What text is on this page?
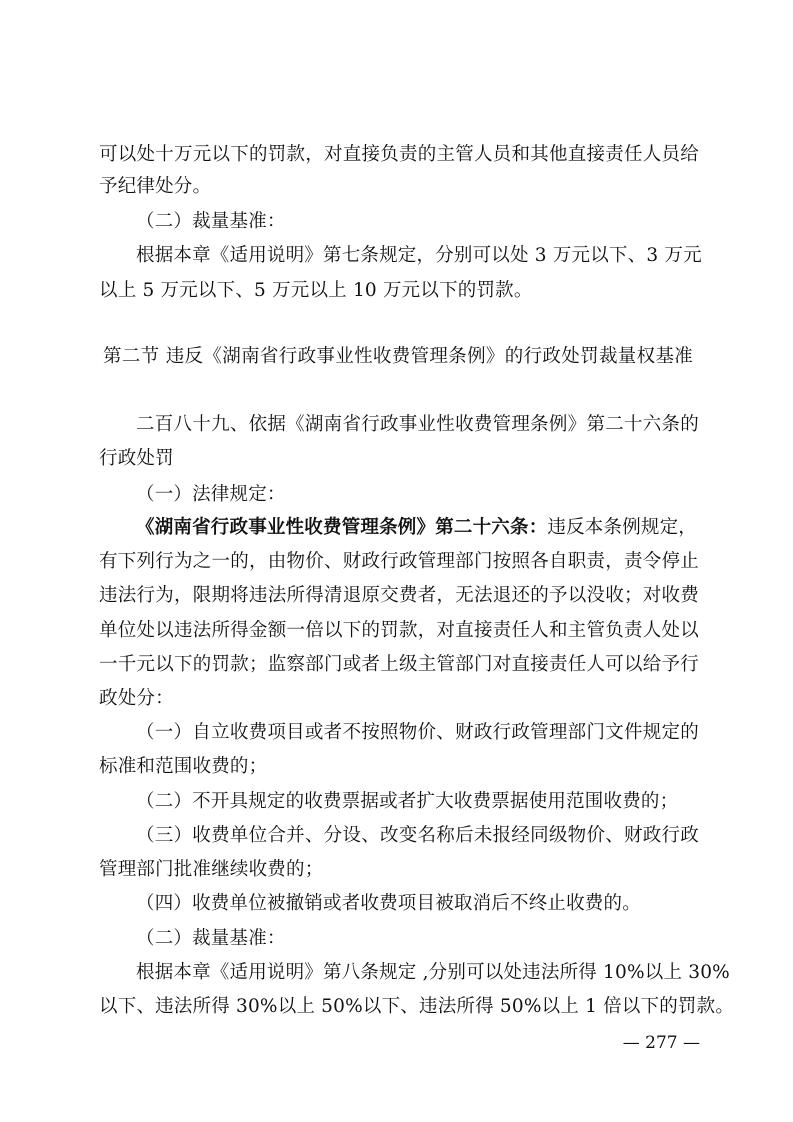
可以处十万元以下的罚款，对直接负责的主管人员和其他直接责任人员给
予纪律处分。
（二）裁量基准：
根据本章《适用说明》第七条规定，分别可以处 3 万元以下、3 万元
以上 5 万元以下、5 万元以上 10 万元以下的罚款。
第二节 违反《湖南省行政事业性收费管理条例》的行政处罚裁量权基准
二百八十九、依据《湖南省行政事业性收费管理条例》第二十六条的
行政处罚
（一）法律规定：
《湖南省行政事业性收费管理条例》第二十六条：违反本条例规定，
有下列行为之一的，由物价、财政行政管理部门按照各自职责，责令停止
违法行为，限期将违法所得清退原交费者，无法退还的予以没收；对收费
单位处以违法所得金额一倍以下的罚款，对直接责任人和主管负责人处以
一千元以下的罚款；监察部门或者上级主管部门对直接责任人可以给予行
政处分：
（一）自立收费项目或者不按照物价、财政行政管理部门文件规定的
标准和范围收费的；
（二）不开具规定的收费票据或者扩大收费票据使用范围收费的；
（三）收费单位合并、分设、改变名称后未报经同级物价、财政行政
管理部门批准继续收费的；
（四）收费单位被撤销或者收费项目被取消后不终止收费的。
（二）裁量基准：
根据本章《适用说明》第八条规定 ,分别可以处违法所得 10%以上 30%
以下、违法所得 30%以上 50%以下、违法所得 50%以上 1 倍以下的罚款。
— 277 —
